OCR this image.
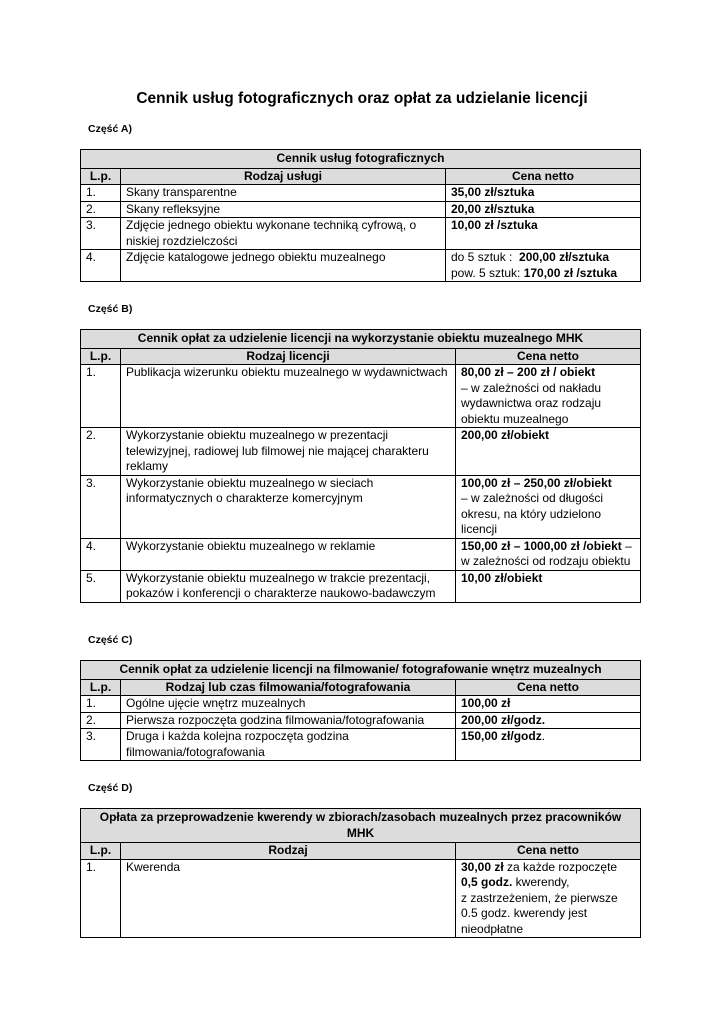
Cennik usług fotograficznych oraz opłat za udzielanie licencji
Część A)
Cennik usług fotograficznych		
L.p.	Rodzaj usługi	Cena netto
1.	Skany transparentne	35,00 zł/sztuka
2.	Skany refleksyjne	20,00 zł/sztuka
3.	Zdjęcie jednego obiektu wykonane techniką cyfrową, o niskiej rozdzielczości	10,00 zł /sztuka
4.	Zdjęcie katalogowe jednego obiektu muzealnego	do 5 sztuk :  200,00 zł/sztuka
pow. 5 sztuk: 170,00 zł /sztuka
Część B)
Cennik opłat za udzielenie licencji na wykorzystanie obiektu muzealnego MHK		
L.p.	Rodzaj licencji	Cena netto
1.	Publikacja wizerunku obiektu muzealnego w wydawnictwach	80,00 zł – 200 zł / obiekt
– w zależności od nakładu wydawnictwa oraz rodzaju obiektu muzealnego

2.	Wykorzystanie obiektu muzealnego w prezentacji telewizyjnej, radiowej lub filmowej nie mającej charakteru reklamy	200,00 zł/obiekt

3.	Wykorzystanie obiektu muzealnego w sieciach informatycznych o charakterze komercyjnym	100,00 zł – 250,00 zł/obiekt
– w zależności od długości okresu, na który udzielono licencji

4.	Wykorzystanie obiektu muzealnego w reklamie	150,00 zł – 1000,00 zł /obiekt – w zależności od rodzaju obiektu
5.	Wykorzystanie obiektu muzealnego w trakcie prezentacji, pokazów i konferencji o charakterze naukowo-badawczym	10,00 zł/obiekt
Część C)
Cennik opłat za udzielenie licencji na filmowanie/ fotografowanie wnętrz muzealnych		
L.p.	Rodzaj lub czas filmowania/fotografowania	Cena netto
1.	Ogólne ujęcie wnętrz muzealnych	100,00 zł
2.	Pierwsza rozpoczęta godzina filmowania/fotografowania	200,00 zł/godz.
3.	Druga i każda kolejna rozpoczęta godzina filmowania/fotografowania	150,00 zł/godz.
Część D)
Opłata za przeprowadzenie kwerendy w zbiorach/zasobach muzealnych przez pracowników MHK		
L.p.	Rodzaj	Cena netto
1.	Kwerenda	30,00 zł za każde rozpoczęte
0,5 godz. kwerendy,
z zastrzeżeniem, że pierwsze 0.5 godz. kwerendy jest nieodpłatne
